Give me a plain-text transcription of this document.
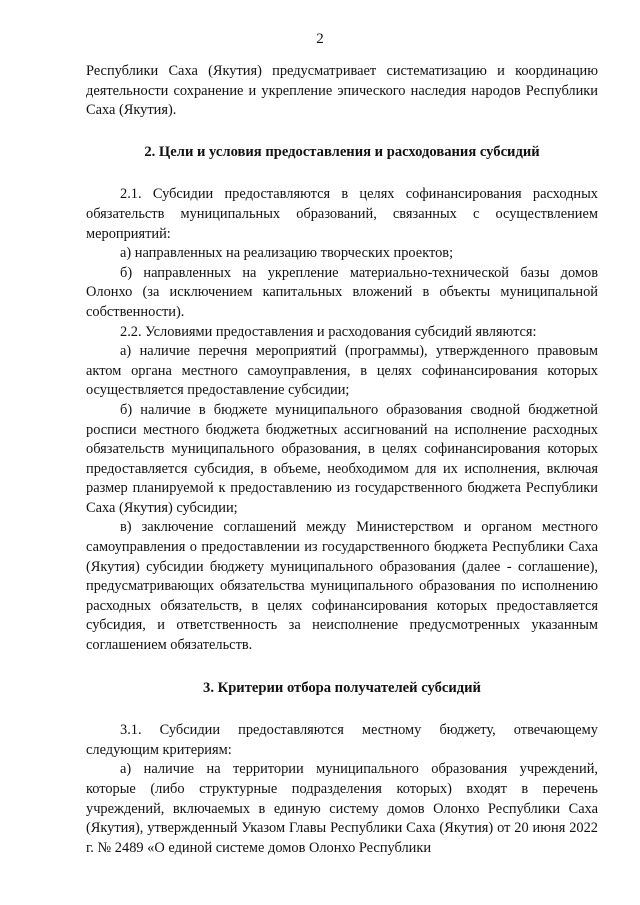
2

Республики Саха (Якутия) предусматривает систематизацию и координацию деятельности сохранение и укрепление эпического наследия народов Республики Саха (Якутия).

2. Цели и условия предоставления и расходования субсидий

2.1. Субсидии предоставляются в целях софинансирования расходных обязательств муниципальных образований, связанных с осуществлением мероприятий:

а) направленных на реализацию творческих проектов;

б) направленных на укрепление материально-технической базы домов Олонхо (за исключением капитальных вложений в объекты муниципальной собственности).

2.2. Условиями предоставления и расходования субсидий являются:

а) наличие перечня мероприятий (программы), утвержденного правовым актом органа местного самоуправления, в целях софинансирования которых осуществляется предоставление субсидии;

б) наличие в бюджете муниципального образования сводной бюджетной росписи местного бюджета бюджетных ассигнований на исполнение расходных обязательств муниципального образования, в целях софинансирования которых предоставляется субсидия, в объеме, необходимом для их исполнения, включая размер планируемой к предоставлению из государственного бюджета Республики Саха (Якутия) субсидии;

в) заключение соглашений между Министерством и органом местного самоуправления о предоставлении из государственного бюджета Республики Саха (Якутия) субсидии бюджету муниципального образования (далее - соглашение), предусматривающих обязательства муниципального образования по исполнению расходных обязательств, в целях софинансирования которых предоставляется субсидия, и ответственность за неисполнение предусмотренных указанным соглашением обязательств.

3. Критерии отбора получателей субсидий

3.1. Субсидии предоставляются местному бюджету, отвечающему следующим критериям:

а) наличие на территории муниципального образования учреждений, которые (либо структурные подразделения которых) входят в перечень учреждений, включаемых в единую систему домов Олонхо Республики Саха (Якутия), утвержденный Указом Главы Республики Саха (Якутия) от 20 июня 2022 г. № 2489 «О единой системе домов Олонхо Республики
